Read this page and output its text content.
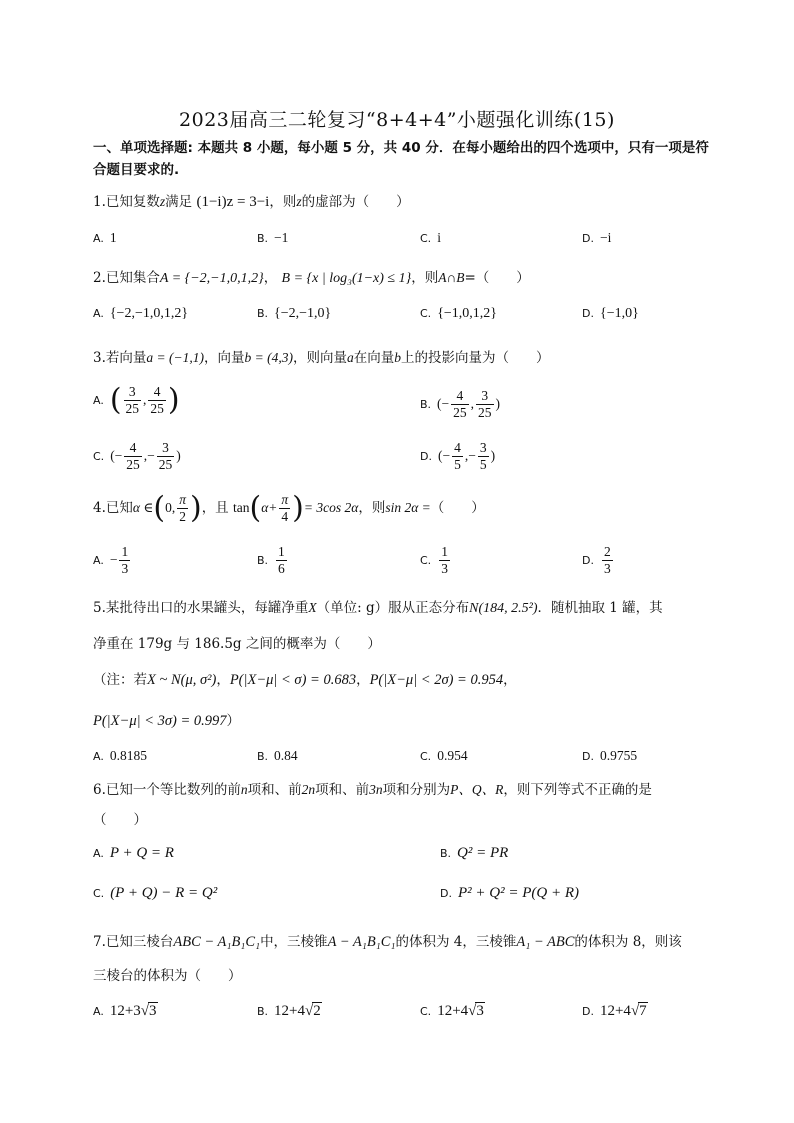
2023届高三二轮复习“8+4+4”小题强化训练(15)
一、单项选择题: 本题共 8 小题，每小题 5 分，共 40 分．在每小题给出的四个选项中，只有一项是符合题目要求的.
1.已知复数z满足 (1−i)z = 3−i，则z的虚部为（　　）
A. 1	B. −1	C. i	D. −i
2.已知集合A = {−2,−1,0,1,2}， B = {x | log₃(1−x) ≤ 1}，则A∩B=（　　）
A. {−2,−1,0,1,2}	B. {−2,−1,0}	C. {−1,0,1,2}	D. {−1,0}
3.若向量a = (−1,1)，向量b = (4,3)，则向量a在向量b上的投影向量为（　　）
A. ( $\frac{3}{25}$ , $\frac{4}{25}$ )	B. (− $\frac{4}{25}$ , $\frac{3}{25}$ )
C. (− $\frac{4}{25}$ ,− $\frac{3}{25}$ )	D. (− $\frac{4}{5}$ ,− $\frac{3}{5}$ )
4.已知α ∈(0, $\frac{\pi}{2}$ )，且 $\tan(\alpha+ \frac{\pi}{4}$ )= 3cos 2α，则sin 2α =（　　）
A. − $\frac{1}{3}$	B. $\frac{1}{6}$	C. $\frac{1}{3}$	D. $\frac{2}{3}$
5.某批待出口的水果罐头，每罐净重X（单位: g）服从正态分布N(184, 2.5²)．随机抽取 1 罐，其
净重在 179g 与 186.5g 之间的概率为（　　）
（注：若X ~ N(μ, σ²)，P(|X−μ| < σ) = 0.683，P(|X−μ| < 2σ) = 0.954，
P(|X−μ| < 3σ) = 0.997）
A. 0.8185	B. 0.84	C. 0.954	D. 0.9755
6.已知一个等比数列的前n项和、前2n项和、前3n项和分别为P、Q、R，则下列等式不正确的是
（　　）
A. P + Q = R	B. Q² = PR
C. (P + Q) − R = Q²	D. P² + Q² = P(Q + R)
7.已知三棱台ABC − A₁B₁C₁中，三棱锥A − A₁B₁C₁的体积为 4，三棱锥A₁ − ABC的体积为 8，则该
三棱台的体积为（　　）
A. 12+3√3	B. 12+4√2	C. 12+4√3	D. 12+4√7
